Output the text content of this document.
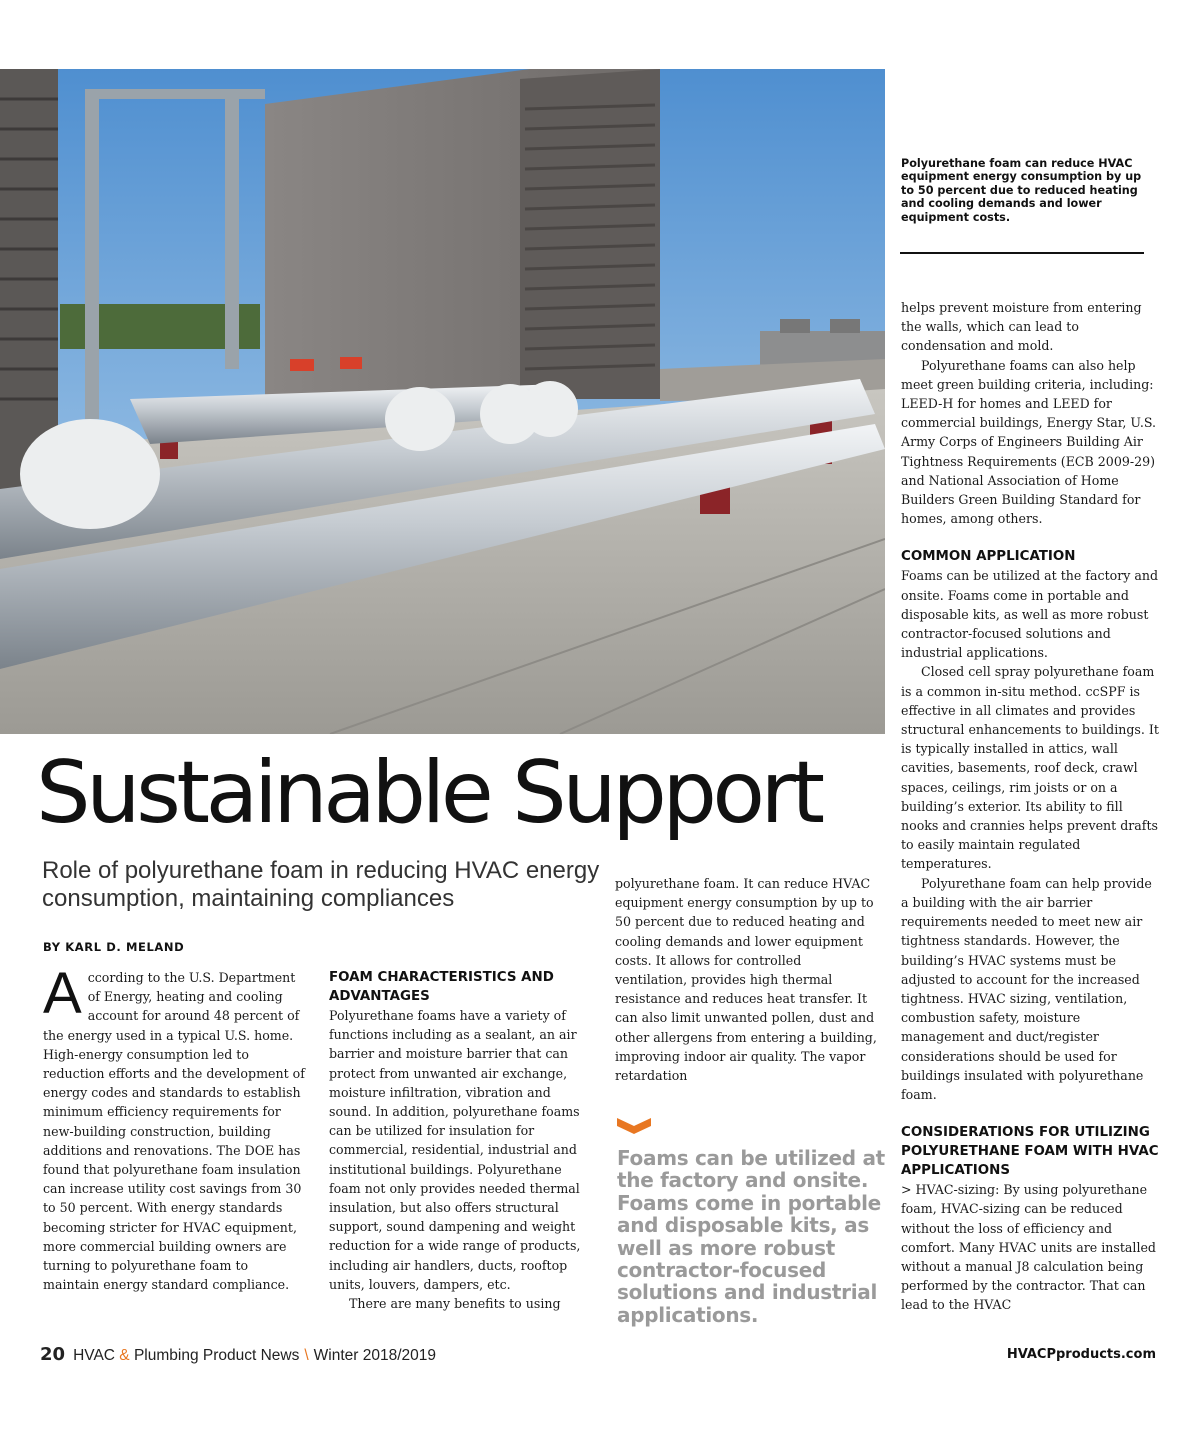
Polyurethane foam can reduce HVAC equipment energy consumption by up to 50 percent due to reduced heating and cooling demands and lower equipment costs.
Sustainable Support
Role of polyurethane foam in reducing HVAC energy consumption, maintaining compliances
BY KARL D. MELAND

According to the U.S. Department of Energy, heating and cooling account for around 48 percent of the energy used in a typical U.S. home. High-energy consumption led to reduction efforts and the development of energy codes and standards to establish minimum efficiency requirements for new-building construction, building additions and renovations. The DOE has found that polyurethane foam insulation can increase utility cost savings from 30 to 50 percent. With energy standards becoming stricter for HVAC equipment, more commercial building owners are turning to polyurethane foam to maintain energy standard compliance.

FOAM CHARACTERISTICS AND ADVANTAGES

Polyurethane foams have a variety of functions including as a sealant, an air barrier and moisture barrier that can protect from unwanted air exchange, moisture infiltration, vibration and sound. In addition, polyurethane foams can be utilized for insulation for commercial, residential, industrial and institutional buildings. Polyurethane foam not only provides needed thermal insulation, but also offers structural support, sound dampening and weight reduction for a wide range of products, including air handlers, ducts, rooftop units, louvers, dampers, etc.

There are many benefits to using

polyurethane foam. It can reduce HVAC equipment energy consumption by up to 50 percent due to reduced heating and cooling demands and lower equipment costs. It allows for controlled ventilation, provides high thermal resistance and reduces heat transfer. It can also limit unwanted pollen, dust and other allergens from entering a building, improving indoor air quality. The vapor retardation

Foams can be utilized at the factory and onsite. Foams come in portable and disposable kits, as well as more robust contractor-focused solutions and industrial applications.

helps prevent moisture from entering the walls, which can lead to condensation and mold.

Polyurethane foams can also help meet green building criteria, including: LEED-H for homes and LEED for commercial buildings, Energy Star, U.S. Army Corps of Engineers Building Air Tightness Requirements (ECB 2009-29) and National Association of Home Builders Green Building Standard for homes, among others.

COMMON APPLICATION

Foams can be utilized at the factory and onsite. Foams come in portable and disposable kits, as well as more robust contractor-focused solutions and industrial applications.

Closed cell spray polyurethane foam is a common in-situ method. ccSPF is effective in all climates and provides structural enhancements to buildings. It is typically installed in attics, wall cavities, basements, roof deck, crawl spaces, ceilings, rim joists or on a building’s exterior. Its ability to fill nooks and crannies helps prevent drafts to easily maintain regulated temperatures.

Polyurethane foam can help provide a building with the air barrier requirements needed to meet new air tightness standards. However, the building’s HVAC systems must be adjusted to account for the increased tightness. HVAC sizing, ventilation, combustion safety, moisture management and duct/register considerations should be used for buildings insulated with polyurethane foam.

CONSIDERATIONS FOR UTILIZING POLYURETHANE FOAM WITH HVAC APPLICATIONS

> HVAC-sizing: By using polyurethane foam, HVAC-sizing can be reduced without the loss of efficiency and comfort. Many HVAC units are installed without a manual J8 calculation being performed by the contractor. That can lead to the HVAC

20 HVAC & Plumbing Product News \ Winter 2018/2019	HVACPproducts.com
